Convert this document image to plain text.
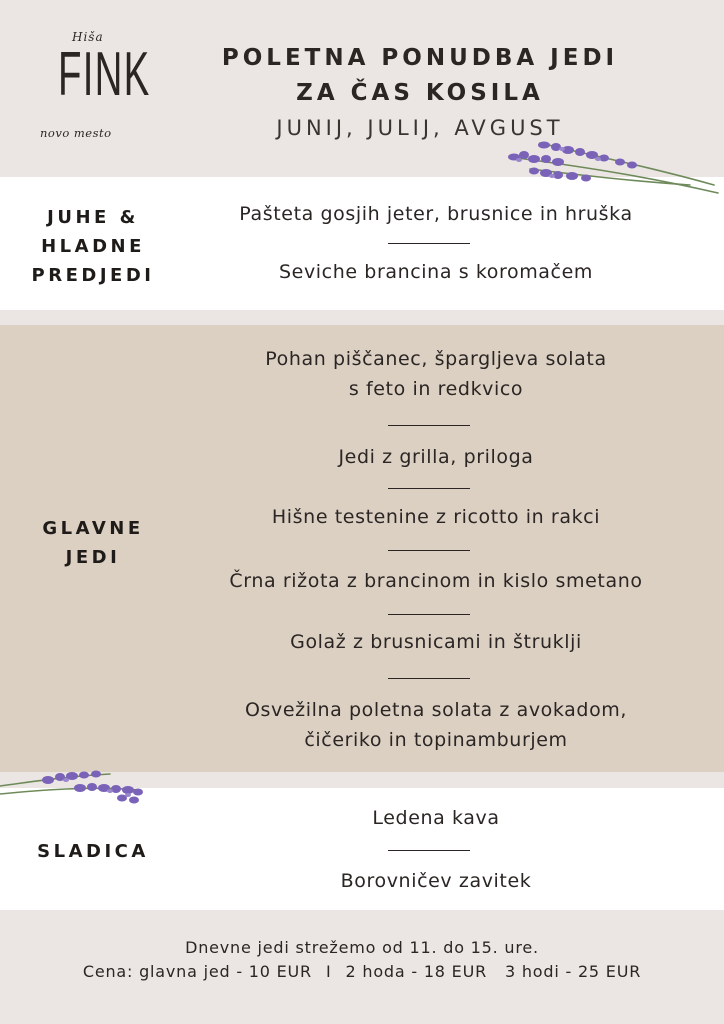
Hiša
FINK
novo mesto
POLETNA PONUDBA JEDI
ZA ČAS KOSILA
JUNIJ, JULIJ, AVGUST
JUHE &
HLADNE
PREDJEDI
Pašteta gosjih jeter, brusnice in hruška
Seviche brancina s koromačem
GLAVNE
JEDI
Pohan piščanec, špargljeva solata
s feto in redkvico
Jedi z grilla, priloga
Hišne testenine z ricotto in rakci
Črna rižota z brancinom in kislo smetano
Golaž z brusnicami in štruklji
Osvežilna poletna solata z avokadom,
čičeriko in topinamburjem
SLADICA
Ledena kava
Borovničev zavitek
Dnevne jedi strežemo od 11. do 15. ure.
Cena: glavna jed - 10 EUR I 2 hoda - 18 EUR 3 hodi - 25 EUR
